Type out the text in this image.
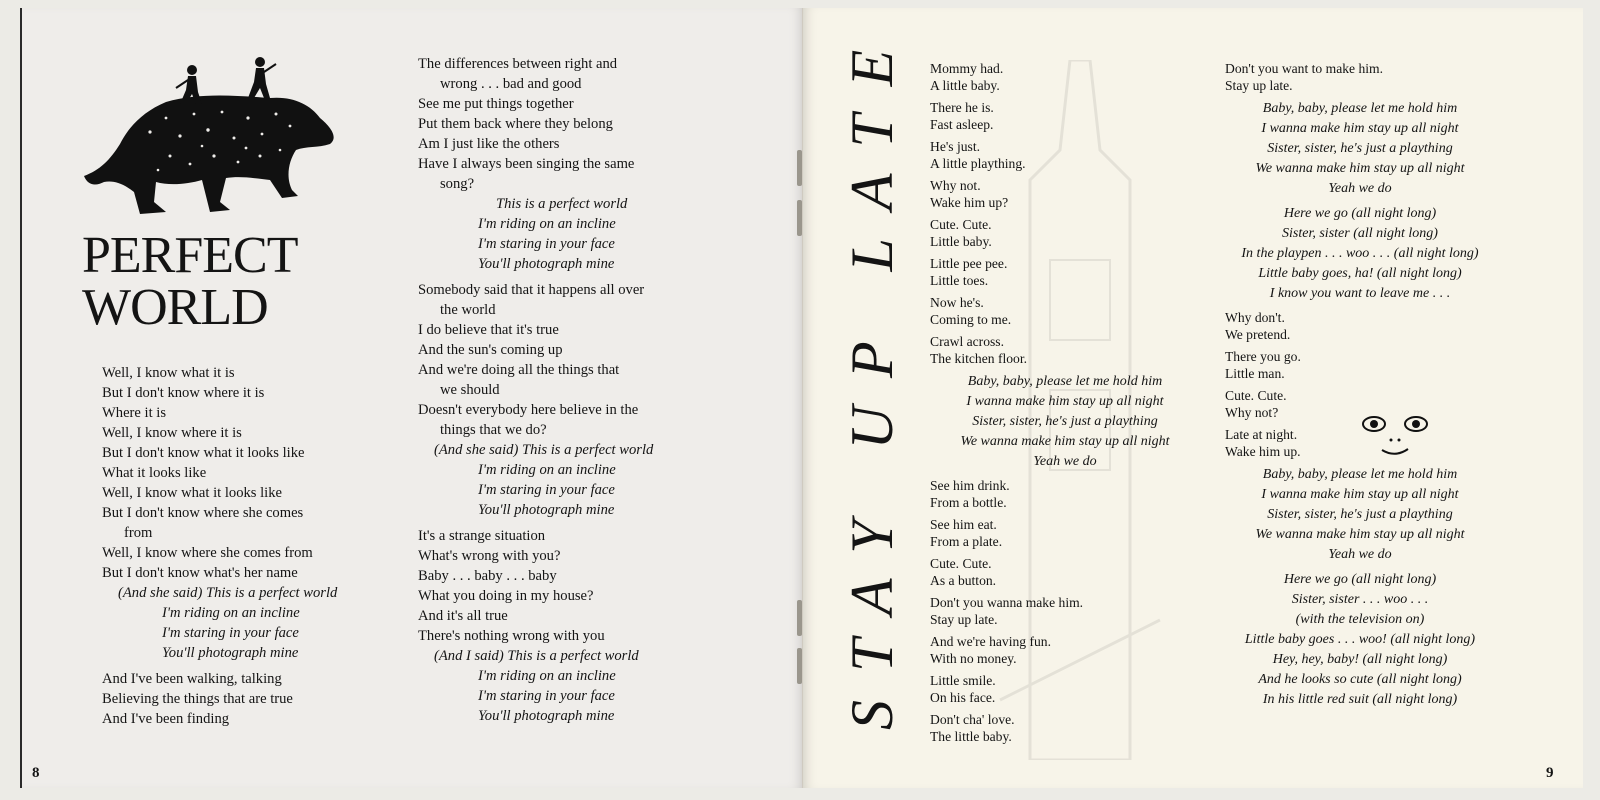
PERFECT
WORLD
Well, I know what it is
But I don't know where it is
Where it is
Well, I know where it is
But I don't know what it looks like
What it looks like
Well, I know what it looks like
But I don't know where she comes
from
Well, I know where she comes from
But I don't know what's her name
(And she said) This is a perfect world
I'm riding on an incline
I'm staring in your face
You'll photograph mine
And I've been walking, talking
Believing the things that are true
And I've been finding
The differences between right and
wrong . . . bad and good
See me put things together
Put them back where they belong
Am I just like the others
Have I always been singing the same
song?
This is a perfect world
I'm riding on an incline
I'm staring in your face
You'll photograph mine
Somebody said that it happens all over
the world
I do believe that it's true
And the sun's coming up
And we're doing all the things that
we should
Doesn't everybody here believe in the
things that we do?
(And she said) This is a perfect world
I'm riding on an incline
I'm staring in your face
You'll photograph mine
It's a strange situation
What's wrong with you?
Baby . . . baby . . . baby
What you doing in my house?
And it's all true
There's nothing wrong with you
(And I said) This is a perfect world
I'm riding on an incline
I'm staring in your face
You'll photograph mine
8
STAY UP LATE Mommy had.
A little baby.
There he is.
Fast asleep.
He's just.
A little plaything.
Why not.
Wake him up?
Cute. Cute.
Little baby.
Little pee pee.
Little toes.
Now he's.
Coming to me.
Crawl across.
The kitchen floor.
Baby, baby, please let me hold him
I wanna make him stay up all night
Sister, sister, he's just a plaything
We wanna make him stay up all night
Yeah we do
See him drink.
From a bottle.
See him eat.
From a plate.
Cute. Cute.
As a button.
Don't you wanna make him.
Stay up late.
And we're having fun.
With no money.
Little smile.
On his face.
Don't cha' love.
The little baby.
Don't you want to make him.
Stay up late.
Baby, baby, please let me hold him
I wanna make him stay up all night
Sister, sister, he's just a plaything
We wanna make him stay up all night
Yeah we do
Here we go (all night long)
Sister, sister (all night long)
In the playpen . . . woo . . . (all night long)
Little baby goes, ha! (all night long)
I know you want to leave me . . .
Why don't.
We pretend.
There you go.
Little man.
Cute. Cute.
Why not?
Late at night.
Wake him up.
Baby, baby, please let me hold him
I wanna make him stay up all night
Sister, sister, he's just a plaything
We wanna make him stay up all night
Yeah we do
Here we go (all night long)
Sister, sister . . . woo . . .
(with the television on)
Little baby goes . . . woo! (all night long)
Hey, hey, baby! (all night long)
And he looks so cute (all night long)
In his little red suit (all night long)
9
